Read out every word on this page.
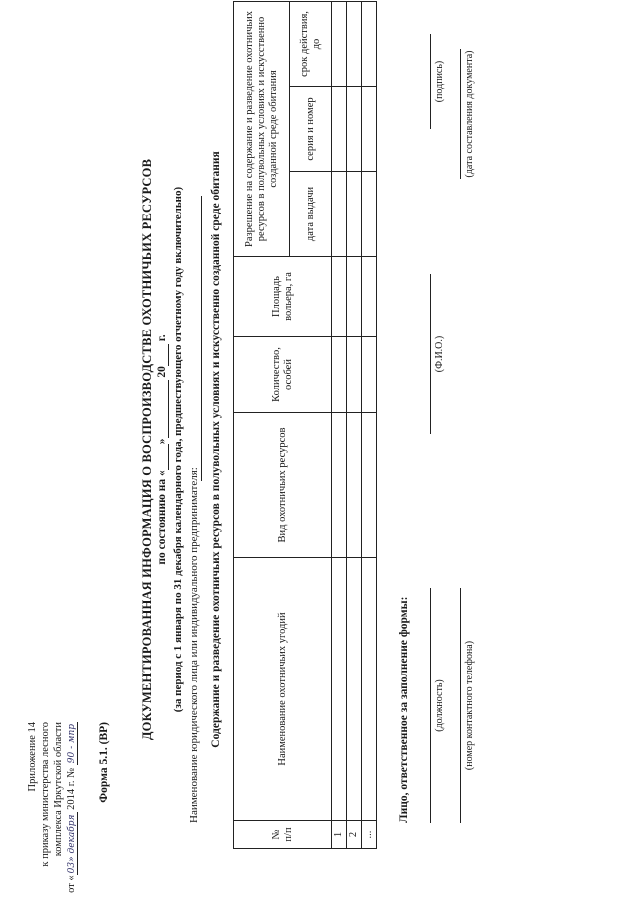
Приложение 14 к приказу министерства лесного комплекса Иркутской области
от «03» декабря 2014 г. № 90 - мпр Форма 5.1. (ВР)
ДОКУМЕНТИРОВАННАЯ ИНФОРМАЦИЯ О ВОСПРОИЗВОДСТВЕ ОХОТНИЧЬИХ РЕСУРСОВ по состоянию на « »  20  г. (за период с 1 января по 31 декабря календарного года, предшествующего отчетному году включительно) Наименование юридического лица или индивидуального предпринимателя: Содержание и разведение охотничьих ресурсов в полувольных условиях и искусственно созданной среде обитания
№ п/п	Наименование охотничьих угодий	Вид охотничьих ресурсов	Количество, особей	Площадь вольера, га	Разрешение на содержание и разведение охотничьих ресурсов в полувольных условиях и искусственно созданной среде обитания		
					дата выдачи	серия и номер	срок действия, до
1							
2							
...							
Лицо, ответственное за заполнение формы: (должность)
(Ф.И.О.)
(подпись)
(номер контактного телефона)
(дата составления документа)
